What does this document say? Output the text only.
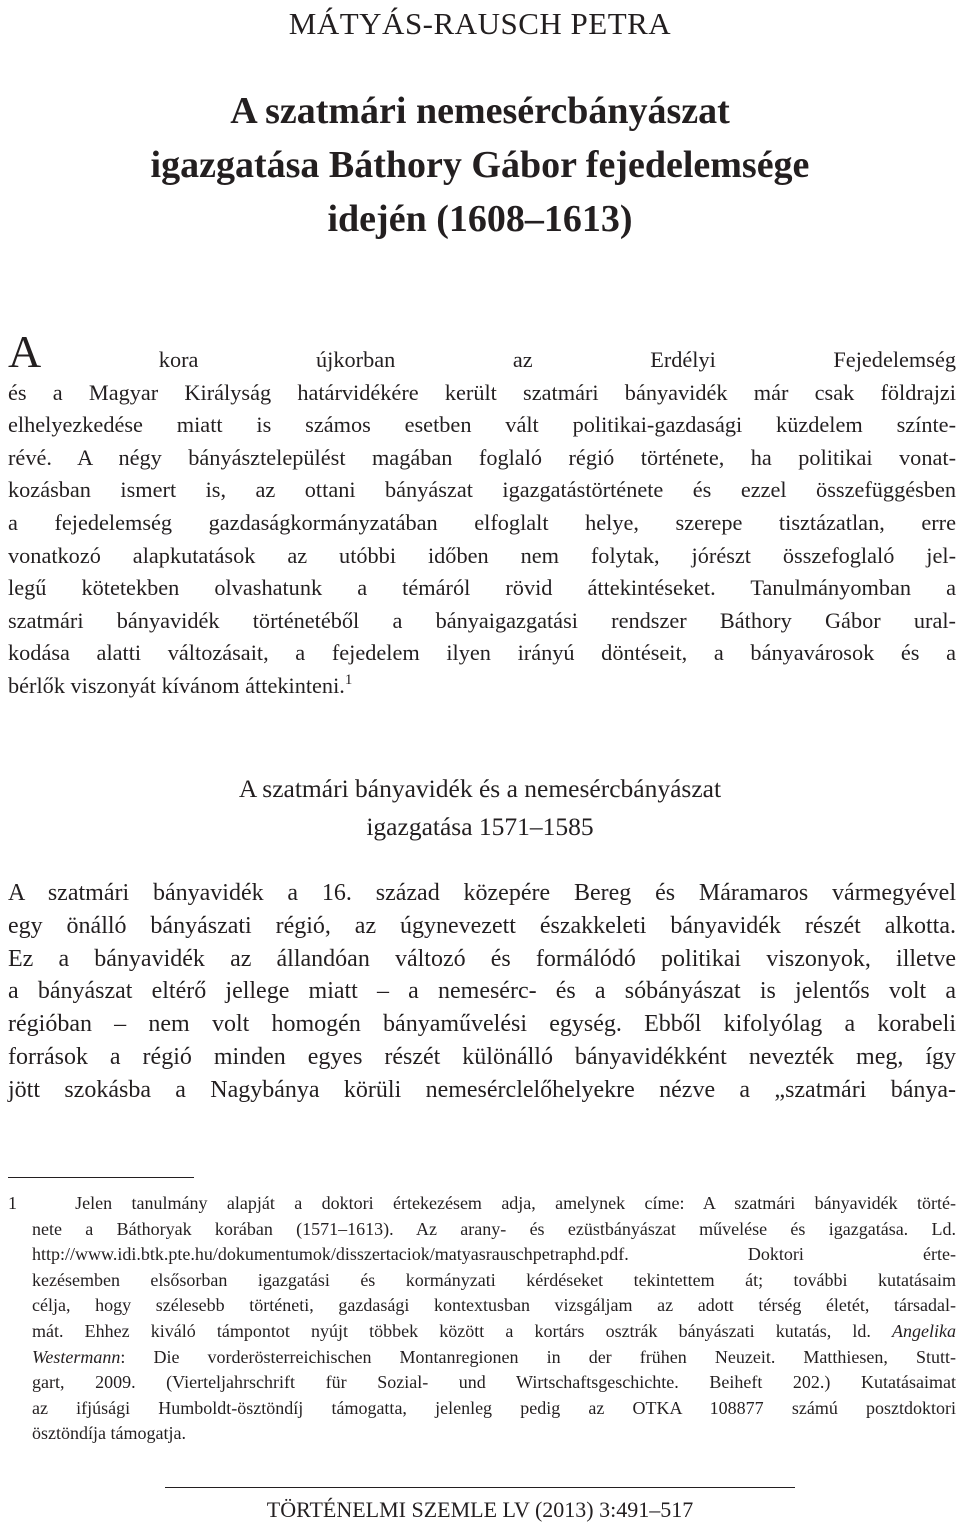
MÁTYÁS-RAUSCH PETRA
A szatmári nemesércbányászat
igazgatása Báthory Gábor fejedelemsége
idején (1608–1613)
A kora újkorban az Erdélyi Fejedelemség
és a Magyar Királyság határvidékére került szatmári bányavidék már csak földrajzi
elhelyezkedése miatt is számos esetben vált politikai-gazdasági küzdelem színte-
révé. A négy bányásztelepülést magában foglaló régió története, ha politikai vonat-
kozásban ismert is, az ottani bányászat igazgatástörténete és ezzel összefüggésben
a fejedelemség gazdaságkormányzatában elfoglalt helye, szerepe tisztázatlan, erre
vonatkozó alapkutatások az utóbbi időben nem folytak, jórészt összefoglaló jel-
legű kötetekben olvashatunk a témáról rövid áttekintéseket. Tanulmányomban a
szatmári bányavidék történetéből a bányaigazgatási rendszer Báthory Gábor ural-
kodása alatti változásait, a fejedelem ilyen irányú döntéseit, a bányavárosok és a
bérlők viszonyát kívánom áttekinteni.$^1$
A szatmári bányavidék és a nemesércbányászat
igazgatása 1571–1585
A szatmári bányavidék a 16. század közepére Bereg és Máramaros vármegyével
egy önálló bányászati régió, az úgynevezett északkeleti bányavidék részét alkotta.
Ez a bányavidék az állandóan változó és formálódó politikai viszonyok, illetve
a bányászat eltérő jellege miatt – a nemesérc- és a sóbányászat is jelentős volt a
régióban – nem volt homogén bányaművelési egység. Ebből kifolyólag a korabeli
források a régió minden egyes részét különálló bányavidékként nevezték meg, így
jött szokásba a Nagybánya körüli nemesérclelőhelyekre nézve a „szatmári bánya-
1	Jelen tanulmány alapját a doktori értekezésem adja, amelynek címe: A szatmári bányavidék törté-
nete a Báthoryak korában (1571–1613). Az arany- és ezüstbányászat művelése és igazgatása. Ld.
http://www.idi.btk.pte.hu/dokumentumok/disszertaciok/matyasrauschpetraphd.pdf. Doktori érte-
kezésemben elsősorban igazgatási és kormányzati kérdéseket tekintettem át; további kutatásaim
célja, hogy szélesebb történeti, gazdasági kontextusban vizsgáljam az adott térség életét, társadal-
mát. Ehhez kiváló támpontot nyújt többek között a kortárs osztrák bányászati kutatás, ld. Angelika
Westermann: Die vorderösterreichischen Montanregionen in der frühen Neuzeit. Matthiesen, Stutt-
gart, 2009. (Vierteljahrschrift für Sozial- und Wirtschaftsgeschichte. Beiheft 202.) Kutatásaimat
az ifjúsági Humboldt-ösztöndíj támogatta, jelenleg pedig az OTKA 108877 számú posztdoktori
ösztöndíja támogatja.
TÖRTÉNELMI SZEMLE LV (2013) 3:491–517
